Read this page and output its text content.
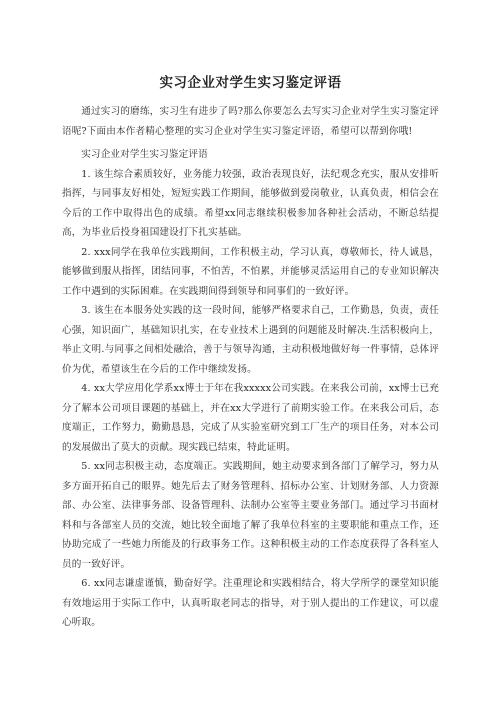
实习企业对学生实习鉴定评语

通过实习的磨练，实习生有进步了吗?那么你要怎么去写实习企业对学生实习鉴定评语呢?下面由本作者精心整理的实习企业对学生实习鉴定评语，希望可以帮到你哦!

实习企业对学生实习鉴定评语

1. 该生综合素质较好，业务能力较强，政治表现良好，法纪观念充实，服从安排听指挥，与同事友好相处，短短实践工作期间，能够做到爱岗敬业，认真负责，相信会在今后的工作中取得出色的成绩。希望xx同志继续积极参加各种社会活动，不断总结提高，为毕业后投身祖国建设打下扎实基础。

2. xxx同学在我单位实践期间，工作积极主动，学习认真，尊敬师长，待人诚恳，能够做到服从指挥，团结同事，不怕苦，不怕累，并能够灵活运用自己的专业知识解决工作中遇到的实际困难。在实践期间得到领导和同事们的一致好评。

3. 该生在本服务处实践的这一段时间，能够严格要求自己，工作勤恳，负责，责任心强，知识面广，基础知识扎实，在专业技术上遇到的问题能及时解决.生活积极向上，举止文明.与同事之间相处融洽，善于与领导沟通，主动积极地做好每一件事情，总体评价为优，希望该生在今后的工作中继续发扬。

4. xx大学应用化学系xx博士于年在我xxxxx公司实践。在来我公司前，xx博士已充分了解本公司项目课题的基础上，并在xx大学进行了前期实验工作。在来我公司后，态度端正，工作努力，勤勤恳恳，完成了从实验室研究到工厂生产的项目任务，对本公司的发展做出了莫大的贡献。现实践已结束，特此证明。

5. xx同志积极主动，态度端正。实践期间，她主动要求到各部门了解学习，努力从多方面开拓自己的眼界。她先后去了财务管理科、招标办公室、计划财务部、人力资源部、办公室、法律事务部、设备管理科、法制办公室等主要业务部门。通过学习书面材料和与各部室人员的交流，她比较全面地了解了我单位科室的主要职能和重点工作，还协助完成了一些她力所能及的行政事务工作。这种积极主动的工作态度获得了各科室人员的一致好评。

6. xx同志谦虚谨慎，勤奋好学。注重理论和实践相结合，将大学所学的课堂知识能有效地运用于实际工作中，认真听取老同志的指导，对于别人提出的工作建议，可以虚心听取。
